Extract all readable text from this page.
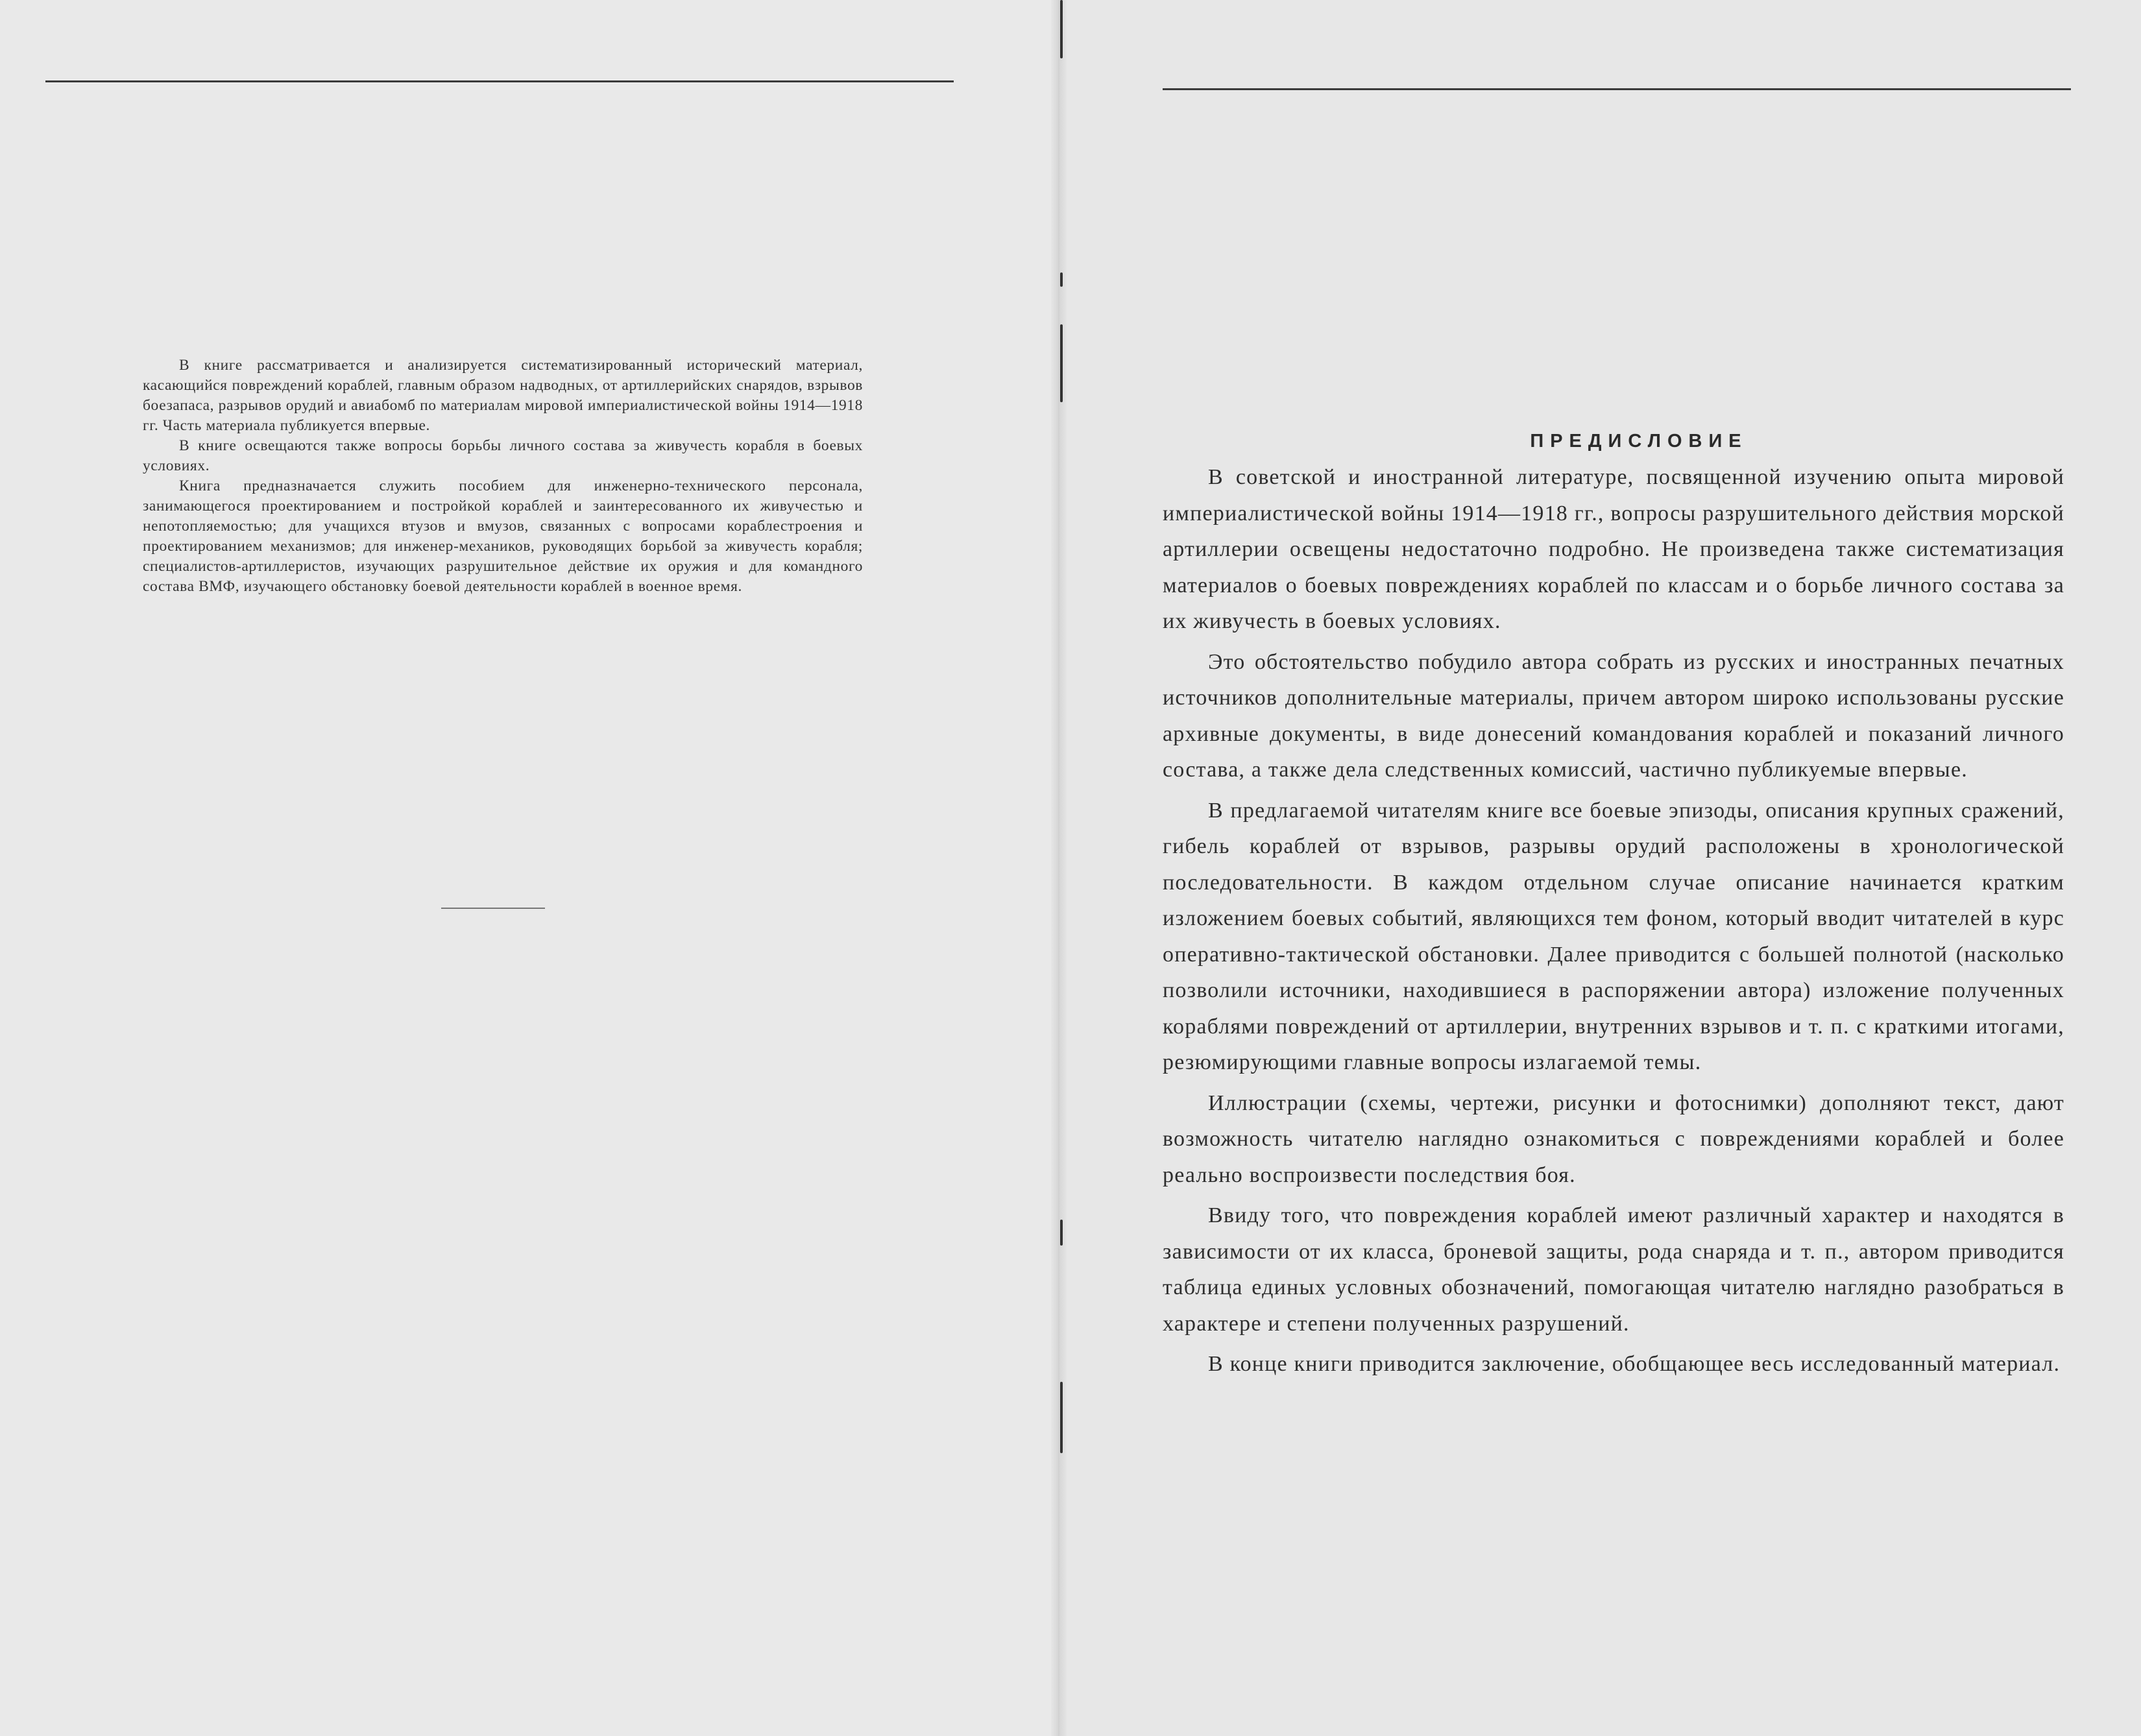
В книге рассматривается и анализируется систематизированный исторический материал, касающийся повреждений кораблей, главным образом надводных, от артиллерийских снарядов, взрывов боезапаса, разрывов орудий и авиабомб по материалам мировой империалистической войны 1914—1918 гг. Часть материала публикуется впервые.

В книге освещаются также вопросы борьбы личного состава за живучесть корабля в боевых условиях.

Книга предназначается служить пособием для инженерно-технического персонала, занимающегося проектированием и постройкой кораблей и заинтересованного их живучестью и непотопляемостью; для учащихся втузов и вмузов, связанных с вопросами кораблестроения и проектированием механизмов; для инженер-механиков, руководящих борьбой за живучесть корабля; специалистов-артиллеристов, изучающих разрушительное действие их оружия и для командного состава ВМФ, изучающего обстановку боевой деятельности кораблей в военное время.

ПРЕДИСЛОВИЕ

В советской и иностранной литературе, посвященной изучению опыта мировой империалистической войны 1914—1918 гг., вопросы разрушительного действия морской артиллерии освещены недостаточно подробно. Не произведена также систематизация материалов о боевых повреждениях кораблей по классам и о борьбе личного состава за их живучесть в боевых условиях.

Это обстоятельство побудило автора собрать из русских и иностранных печатных источников дополнительные материалы, причем автором широко использованы русские архивные документы, в виде донесений командования кораблей и показаний личного состава, а также дела следственных комиссий, частично публикуемые впервые.

В предлагаемой читателям книге все боевые эпизоды, описания крупных сражений, гибель кораблей от взрывов, разрывы орудий расположены в хронологической последовательности. В каждом отдельном случае описание начинается кратким изложением боевых событий, являющихся тем фоном, который вводит читателей в курс оперативно-тактической обстановки. Далее приводится с большей полнотой (насколько позволили источники, находившиеся в распоряжении автора) изложение полученных кораблями повреждений от артиллерии, внутренних взрывов и т. п. с краткими итогами, резюмирующими главные вопросы излагаемой темы.

Иллюстрации (схемы, чертежи, рисунки и фотоснимки) дополняют текст, дают возможность читателю наглядно ознакомиться с повреждениями кораблей и более реально воспроизвести последствия боя.

Ввиду того, что повреждения кораблей имеют различный характер и находятся в зависимости от их класса, броневой защиты, рода снаряда и т. п., автором приводится таблица единых условных обозначений, помогающая читателю наглядно разобраться в характере и степени полученных разрушений.

В конце книги приводится заключение, обобщающее весь исследованный материал.
